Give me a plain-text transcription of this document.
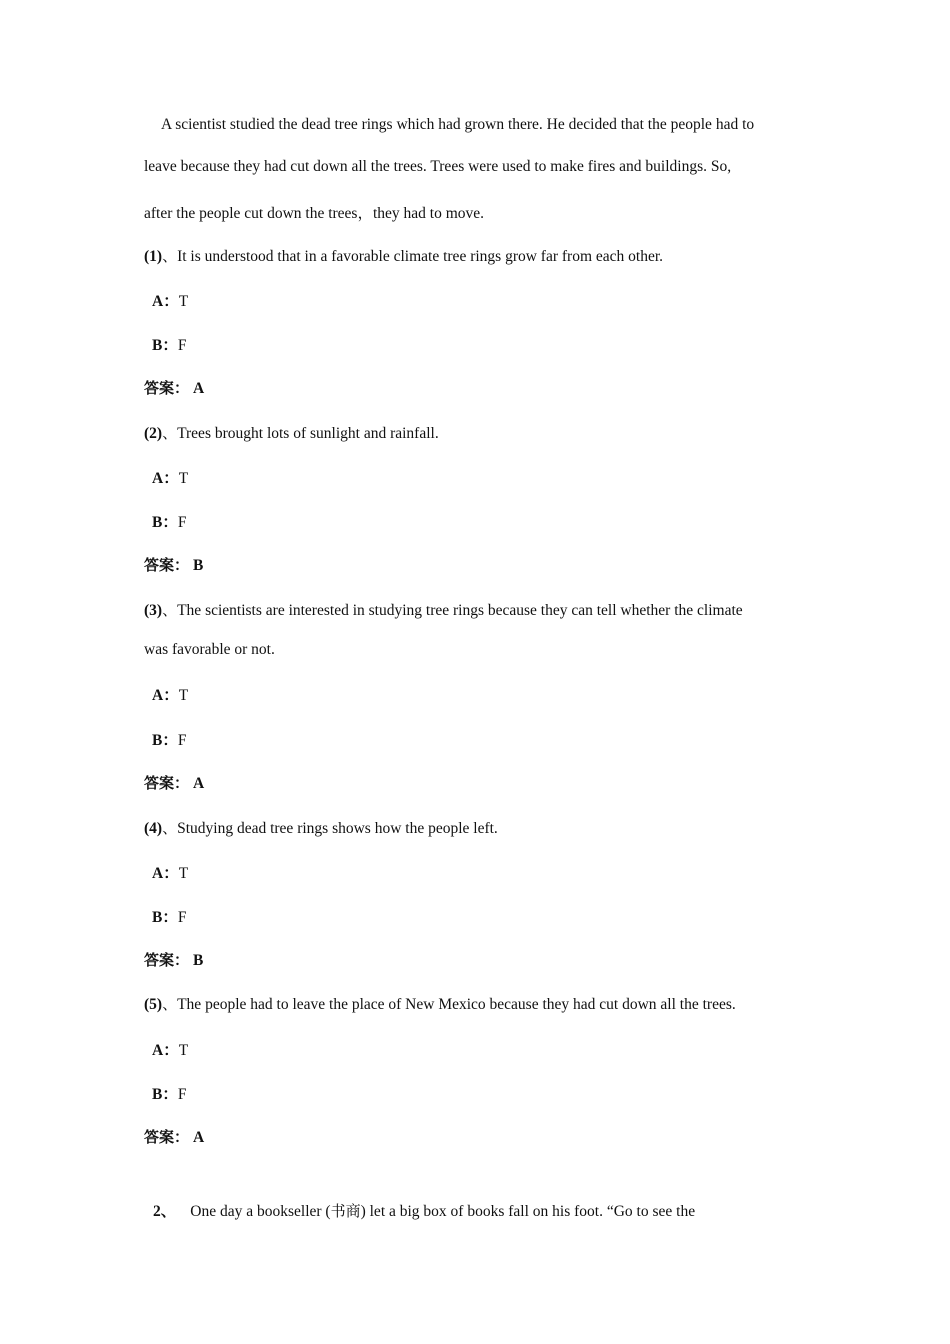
A scientist studied the dead tree rings which had grown there. He decided that the people had to
leave because they had cut down all the trees. Trees were used to make fires and buildings. So,
after the people cut down the trees，they had to move.
(1)、It is understood that in a favorable climate tree rings grow far from each other.
A：T
B：F
答案： A
(2)、Trees brought lots of sunlight and rainfall.
A：T
B：F
答案： B
(3)、The scientists are interested in studying tree rings because they can tell whether the climate
was favorable or not.
A：T
B：F
答案： A
(4)、Studying dead tree rings shows how the people left.
A：T
B：F
答案： B
(5)、The people had to leave the place of New Mexico because they had cut down all the trees.
A：T
B：F
答案： A
2、 One day a bookseller (书商) let a big box of books fall on his foot. “Go to see the
